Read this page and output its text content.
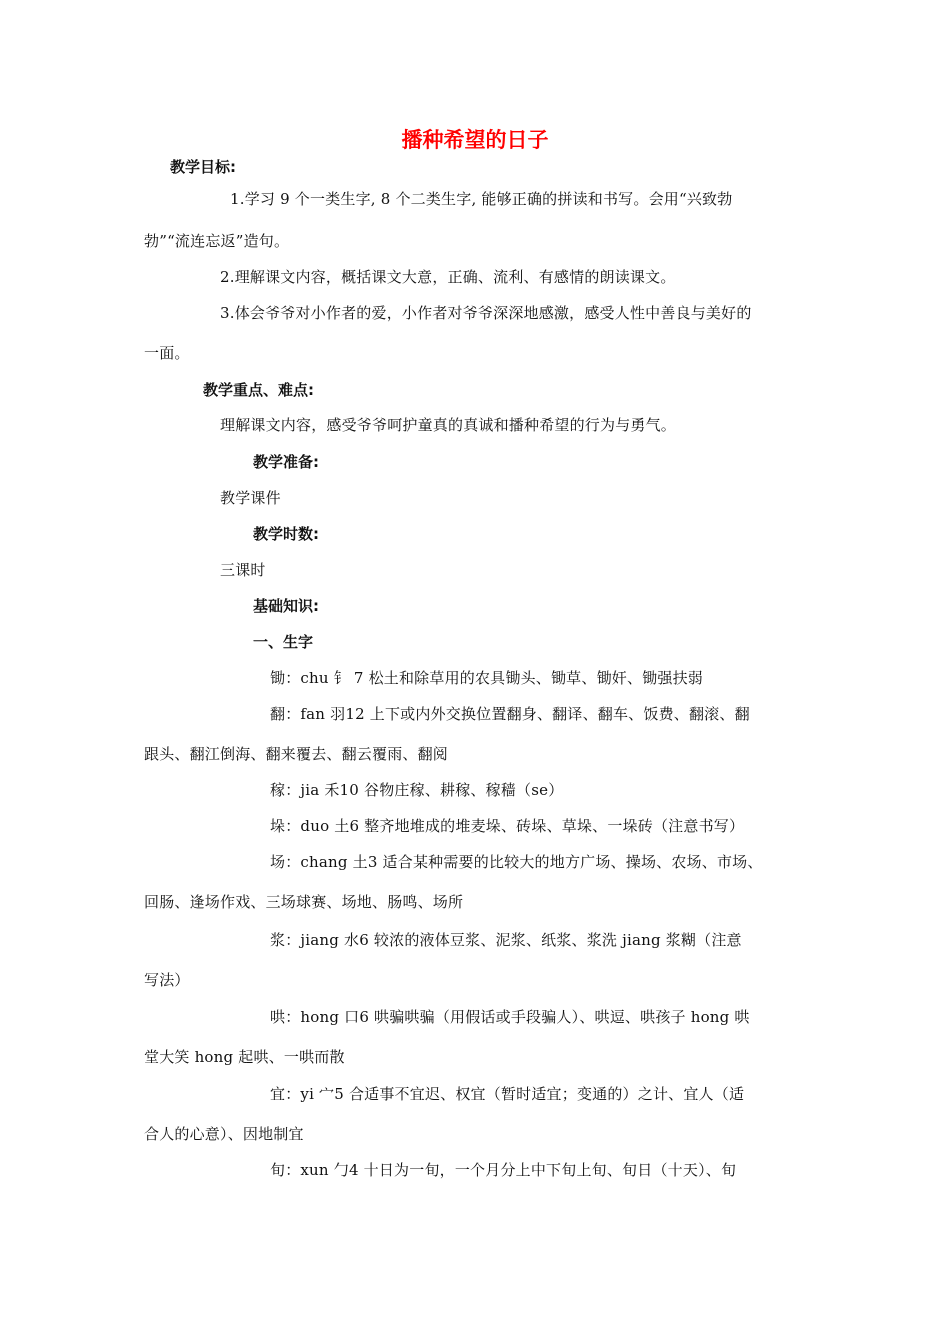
播种希望的日子
教学目标:
1.学习 9 个一类生字, 8 个二类生字, 能够正确的拼读和书写。会用“兴致勃
勃”“流连忘返”造句。
2.理解课文内容，概括课文大意，正确、流利、有感情的朗读课文。
3.体会爷爷对小作者的爱，小作者对爷爷深深地感激，感受人性中善良与美好的
一面。
教学重点、难点:
理解课文内容，感受爷爷呵护童真的真诚和播种希望的行为与勇气。
教学准备:
教学课件
教学时数:
三课时
基础知识:
一、生字
锄：chu 钅 7 松土和除草用的农具锄头、锄草、锄奸、锄强扶弱
翻：fan 羽12 上下或内外交换位置翻身、翻译、翻车、饭费、翻滚、翻
跟头、翻江倒海、翻来覆去、翻云覆雨、翻阅
稼：jia 禾10 谷物庄稼、耕稼、稼穑（se）
垛：duo 土6 整齐地堆成的堆麦垛、砖垛、草垛、一垛砖（注意书写）
场：chang 土3 适合某种需要的比较大的地方广场、操场、农场、市场、
回肠、逢场作戏、三场球赛、场地、肠鸣、场所
浆：jiang 水6 较浓的液体豆浆、泥浆、纸浆、浆洗 jiang 浆糊（注意
写法）
哄：hong 口6 哄骗哄骗（用假话或手段骗人）、哄逗、哄孩子 hong 哄
堂大笑 hong 起哄、一哄而散
宜：yi 宀5 合适事不宜迟、权宜（暂时适宜；变通的）之计、宜人（适
合人的心意）、因地制宜
旬：xun 勹4 十日为一旬，一个月分上中下旬上旬、旬日（十天）、旬
